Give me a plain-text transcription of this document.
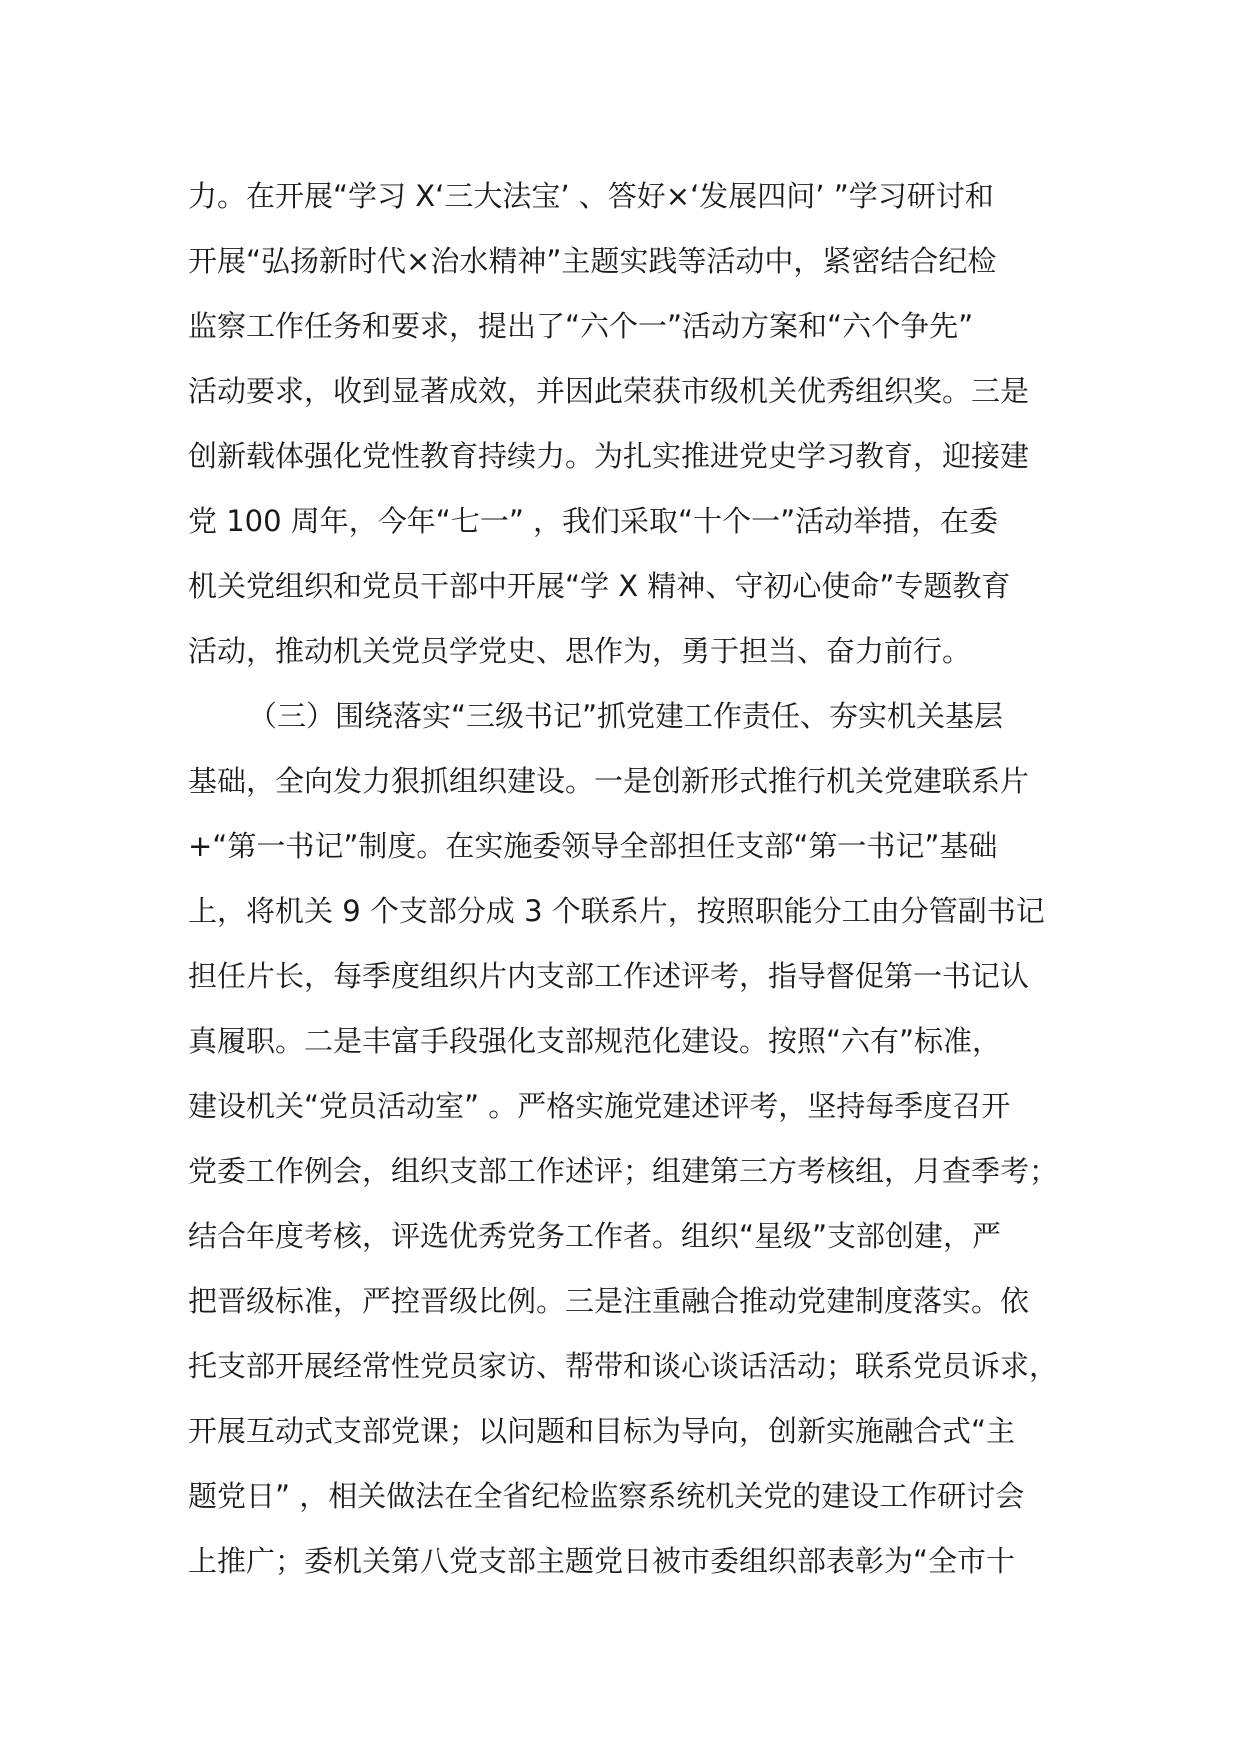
力。在开展“学习 X‘三大法宝’ 、答好×‘发展四问’ ”学习研讨和
开展“弘扬新时代×治水精神”主题实践等活动中，紧密结合纪检
监察工作任务和要求，提出了“六个一”活动方案和“六个争先”
活动要求，收到显著成效，并因此荣获市级机关优秀组织奖。三是
创新载体强化党性教育持续力。为扎实推进党史学习教育，迎接建
党 100 周年，今年“七一” ，我们采取“十个一”活动举措，在委
机关党组织和党员干部中开展“学 X 精神、守初心使命”专题教育
活动，推动机关党员学党史、思作为，勇于担当、奋力前行。
（三）围绕落实“三级书记”抓党建工作责任、夯实机关基层
基础，全向发力狠抓组织建设。一是创新形式推行机关党建联系片
+“第一书记”制度。在实施委领导全部担任支部“第一书记”基础
上，将机关 9 个支部分成 3 个联系片，按照职能分工由分管副书记
担任片长，每季度组织片内支部工作述评考，指导督促第一书记认
真履职。二是丰富手段强化支部规范化建设。按照“六有”标准，
建设机关“党员活动室” 。严格实施党建述评考，坚持每季度召开
党委工作例会，组织支部工作述评；组建第三方考核组，月查季考；
结合年度考核，评选优秀党务工作者。组织“星级”支部创建，严
把晋级标准，严控晋级比例。三是注重融合推动党建制度落实。依
托支部开展经常性党员家访、帮带和谈心谈话活动；联系党员诉求，
开展互动式支部党课；以问题和目标为导向，创新实施融合式“主
题党日” ，相关做法在全省纪检监察系统机关党的建设工作研讨会
上推广；委机关第八党支部主题党日被市委组织部表彰为“全市十
